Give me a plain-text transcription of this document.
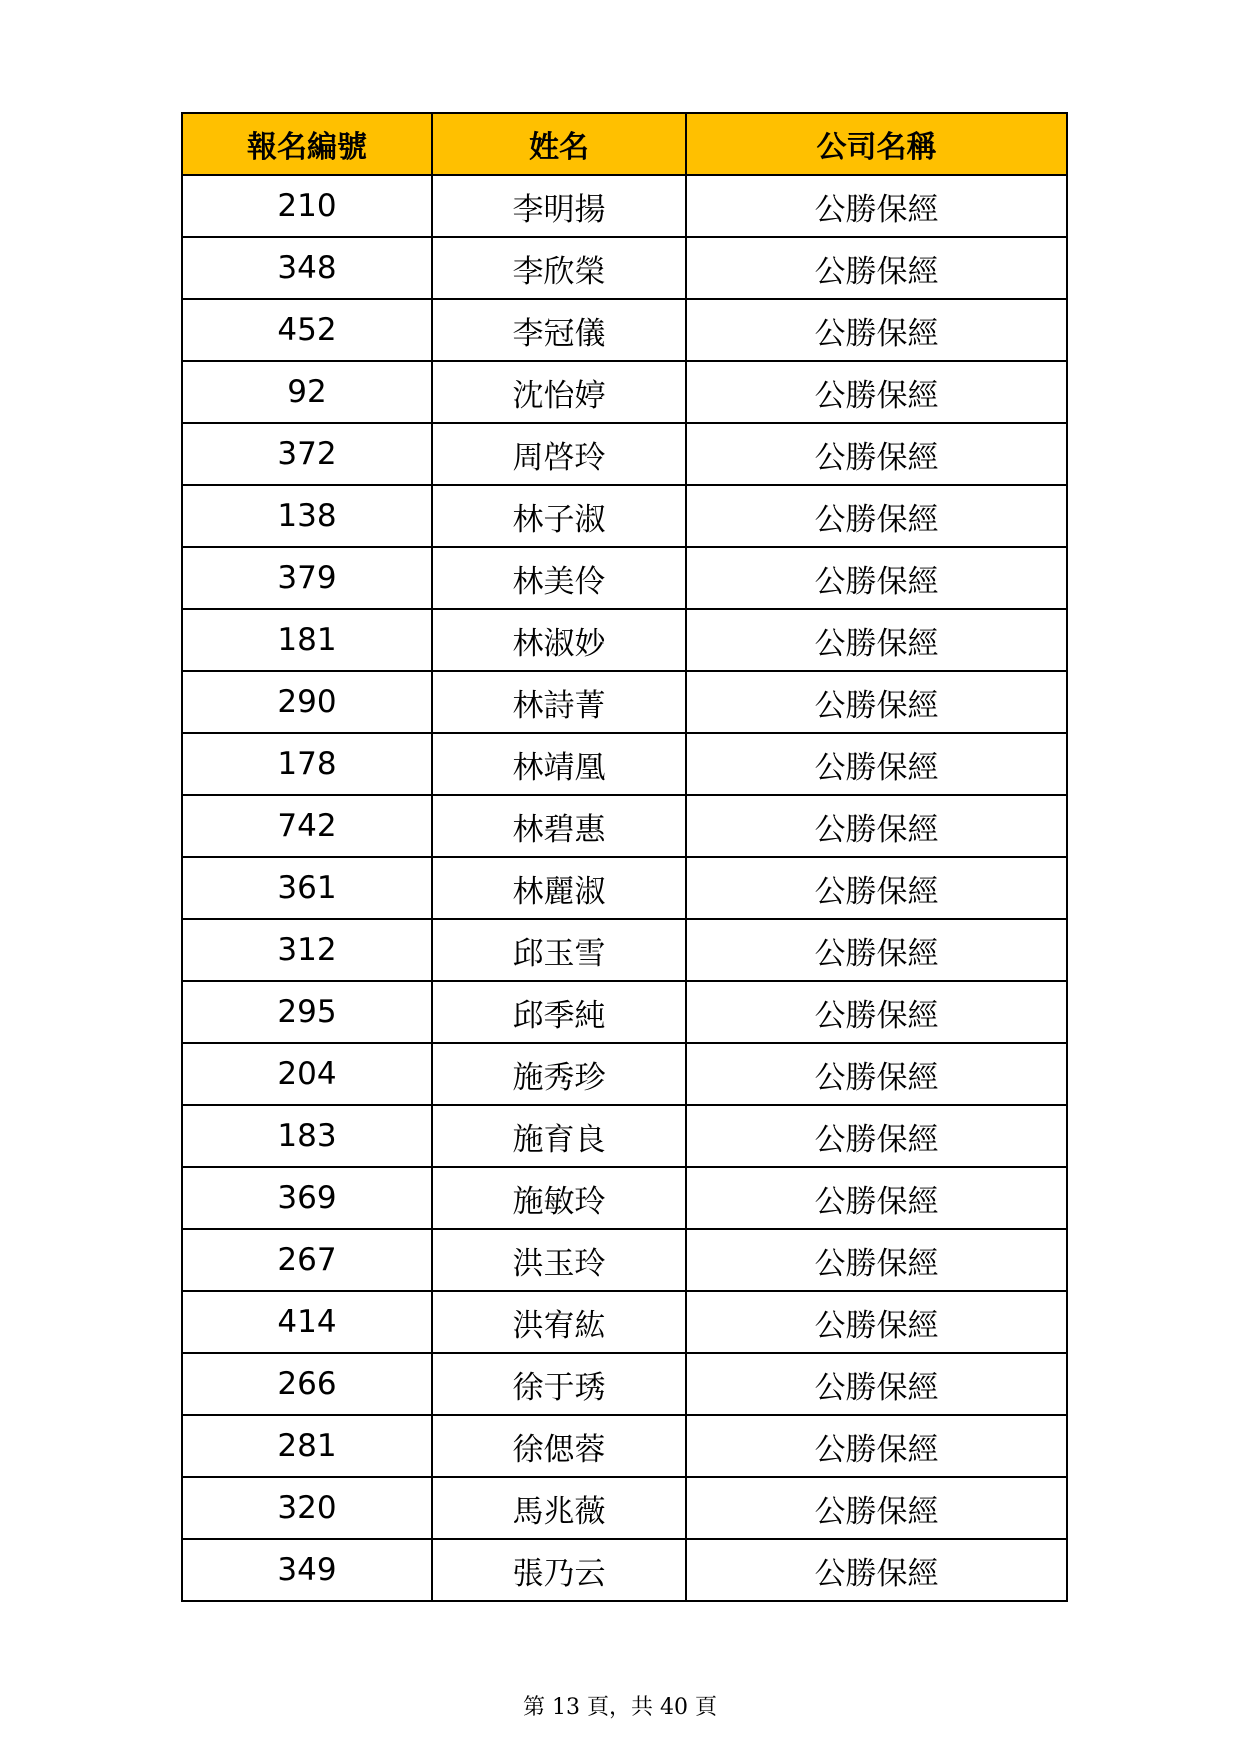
報名編號	姓名	公司名稱
210	李明揚	公勝保經
348	李欣榮	公勝保經
452	李冠儀	公勝保經
92	沈怡婷	公勝保經
372	周啓玲	公勝保經
138	林子淑	公勝保經
379	林美伶	公勝保經
181	林淑妙	公勝保經
290	林詩菁	公勝保經
178	林靖凰	公勝保經
742	林碧惠	公勝保經
361	林麗淑	公勝保經
312	邱玉雪	公勝保經
295	邱季純	公勝保經
204	施秀珍	公勝保經
183	施育良	公勝保經
369	施敏玲	公勝保經
267	洪玉玲	公勝保經
414	洪宥紘	公勝保經
266	徐于琇	公勝保經
281	徐偲蓉	公勝保經
320	馬兆薇	公勝保經
349	張乃云	公勝保經
第 13 頁，共 40 頁
